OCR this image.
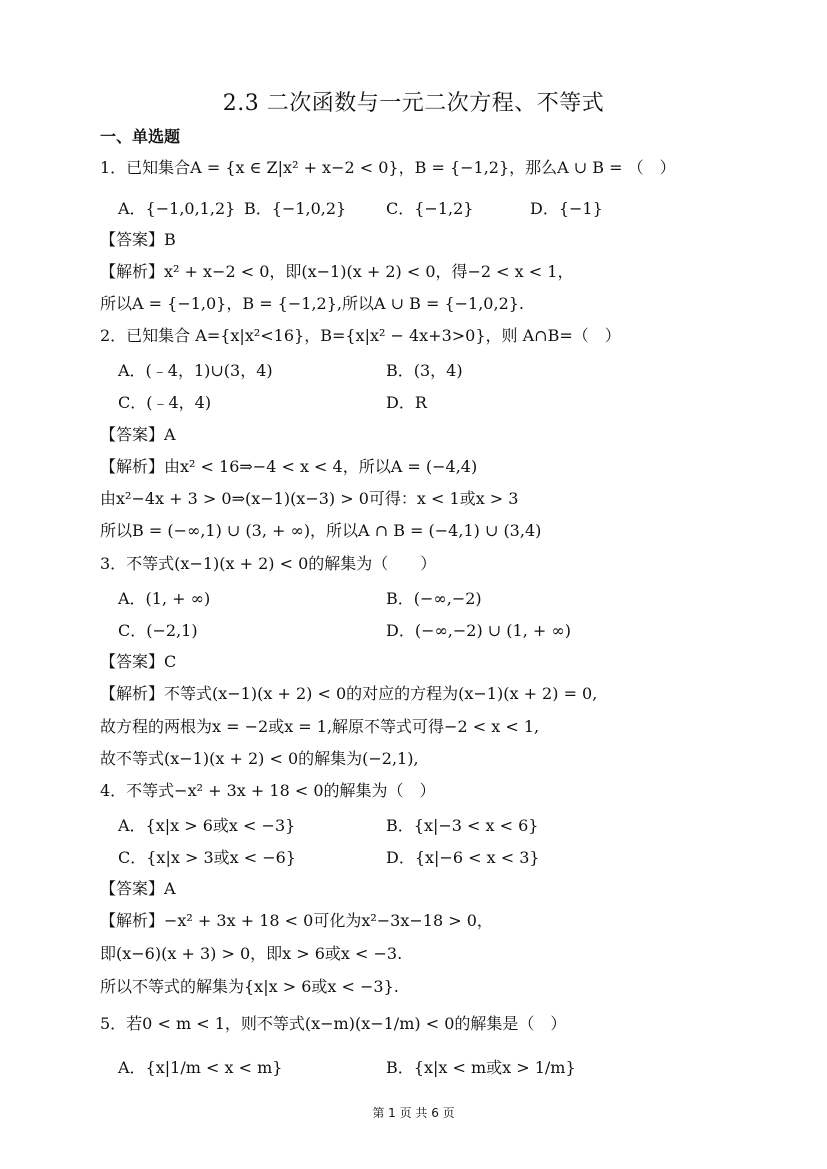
2.3 二次函数与一元二次方程、不等式
一、单选题
1．已知集合A = {x ∈ Z|x² + x−2 < 0}，B = {−1,2}，那么A ∪ B = （　）
A．{−1,0,1,2} B．{−1,0,2} C．{−1,2}	D．{−1}
【答案】B
【解析】x² + x−2 < 0，即(x−1)(x + 2) < 0，得−2 < x < 1，
所以A = {−1,0}，B = {−1,2},所以A ∪ B = {−1,0,2}.
2．已知集合 A={x|x²<16}，B={x|x² − 4x+3>0}，则 A∩B=（　）
A．(﹣4，1)∪(3，4)	B．(3，4)
C．(﹣4，4)	D．R
【答案】A
【解析】由x² < 16⇒−4 < x < 4，所以A = (−4,4)
由x²−4x + 3 > 0⇒(x−1)(x−3) > 0可得：x < 1或x > 3
所以B = (−∞,1) ∪ (3, + ∞)，所以A ∩ B = (−4,1) ∪ (3,4)
3．不等式(x−1)(x + 2) < 0的解集为（　　）
A．(1, + ∞)	B．(−∞,−2)
C．(−2,1)	D．(−∞,−2) ∪ (1, + ∞)
【答案】C
【解析】不等式(x−1)(x + 2) < 0的对应的方程为(x−1)(x + 2) = 0,
故方程的两根为x = −2或x = 1,解原不等式可得−2 < x < 1,
故不等式(x−1)(x + 2) < 0的解集为(−2,1),
4．不等式−x² + 3x + 18 < 0的解集为（　）
A．{x|x > 6或x < −3}	B．{x|−3 < x < 6}
C．{x|x > 3或x < −6}	D．{x|−6 < x < 3}
【答案】A
【解析】−x² + 3x + 18 < 0可化为x²−3x−18 > 0，
即(x−6)(x + 3) > 0，即x > 6或x < −3.
所以不等式的解集为{x|x > 6或x < −3}.
5．若0 < m < 1，则不等式(x−m)(x−1/m) < 0的解集是（　）
A．{x|1/m < x < m}	B．{x|x < m或x > 1/m}
第 1 页 共 6 页
